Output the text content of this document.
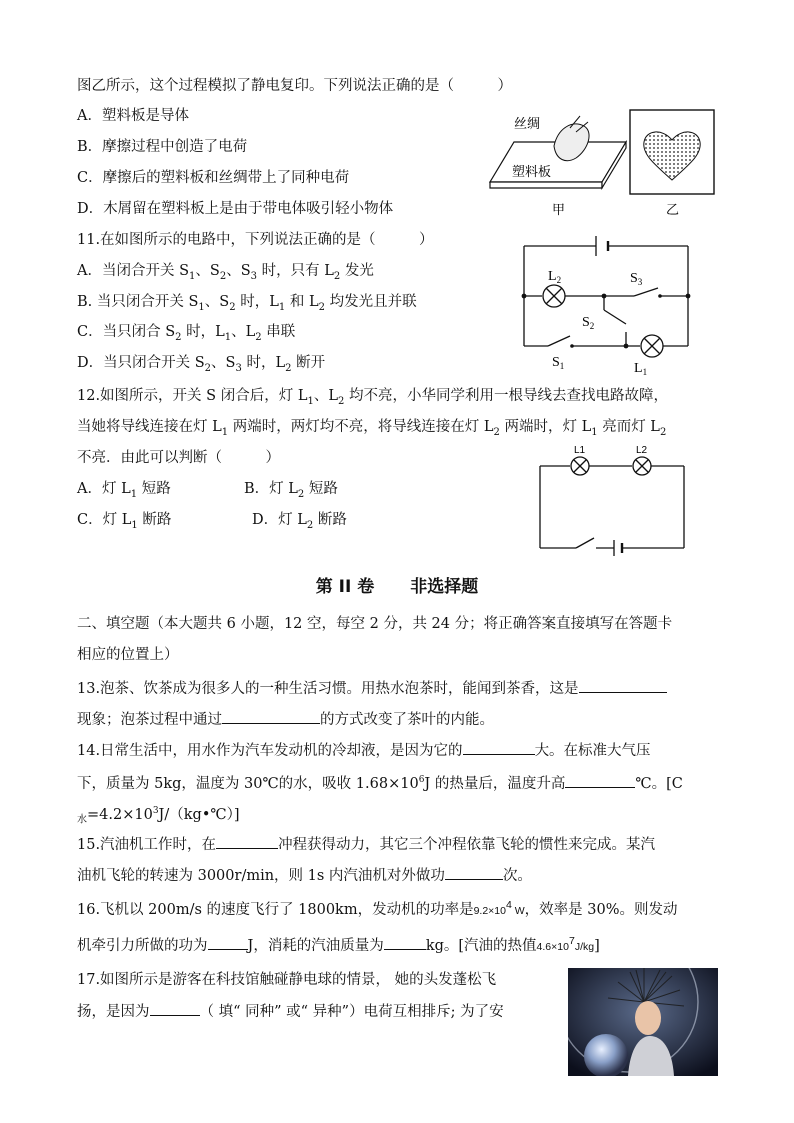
图乙所示，这个过程模拟了静电复印。下列说法正确的是（　　　）
A．塑料板是导体
B．摩擦过程中创造了电荷
C．摩擦后的塑料板和丝绸带上了同种电荷
D．木屑留在塑料板上是由于带电体吸引轻小物体
丝绸
塑料板
甲	乙
11.在如图所示的电路中，下列说法正确的是（　　　）
A．当闭合开关 $S_1$、$S_2$、$S_3$ 时，只有 $L_2$ 发光
B. 当只闭合开关 $S_1$、$S_2$ 时，$L_1$ 和 $L_2$ 均发光且并联
C．当只闭合 $S_2$ 时，$L_1$、$L_2$ 串联
D．当只闭合开关 $S_2$、$S_3$ 时，$L_2$ 断开
$L_2$	$S_3$
$S_2$
$S_1$	$L_1$
12.如图所示，开关 S 闭合后，灯 $L_1$、$L_2$ 均不亮，小华同学利用一根导线去查找电路故障，
当她将导线连接在灯 $L_1$ 两端时，两灯均不亮，将导线连接在灯 $L_2$ 两端时，灯 $L_1$ 亮而灯 $L_2$
不亮．由此可以判断（　　　）
A．灯 $L_1$ 短路	B．灯 $L_2$ 短路
C．灯 $L_1$ 断路	D．灯 $L_2$ 断路
L1	L2
第 II 卷 非选择题
二、填空题（本大题共 6 小题，12 空，每空 2 分，共 24 分；将正确答案直接填写在答题卡
相应的位置上）
13.泡茶、饮茶成为很多人的一种生活习惯。用热水泡茶时，能闻到茶香，这是
现象；泡茶过程中通过	的方式改变了茶叶的内能。
14.日常生活中，用水作为汽车发动机的冷却液，是因为它的	大。在标准大气压
下，质量为 5kg，温度为 30℃的水，吸收 $1.68\times 10^6J$ 的热量后，温度升高	℃。[C
$_水=4.2\times 10^3J/(kg•℃)$]
15.汽油机工作时，在	冲程获得动力，其它三个冲程依靠飞轮的惯性来完成。某汽
油机飞轮的转速为 3000r/min，则 1s 内汽油机对外做功	次。
16.飞机以 200m/s 的速度飞行了 1800km，发动机的功率是$9.2\times 10^4$ W，效率是 30%。则发动
机牵引力所做的功为	J，消耗的汽油质量为	kg。[汽油的热值$4.6\times 10^7J/kg$]
17.如图所示是游客在科技馆触碰静电球的情景， 她的头发蓬松飞
扬，是因为	（ 填“ 同种” 或“ 异种”）电荷互相排斥; 为了安
